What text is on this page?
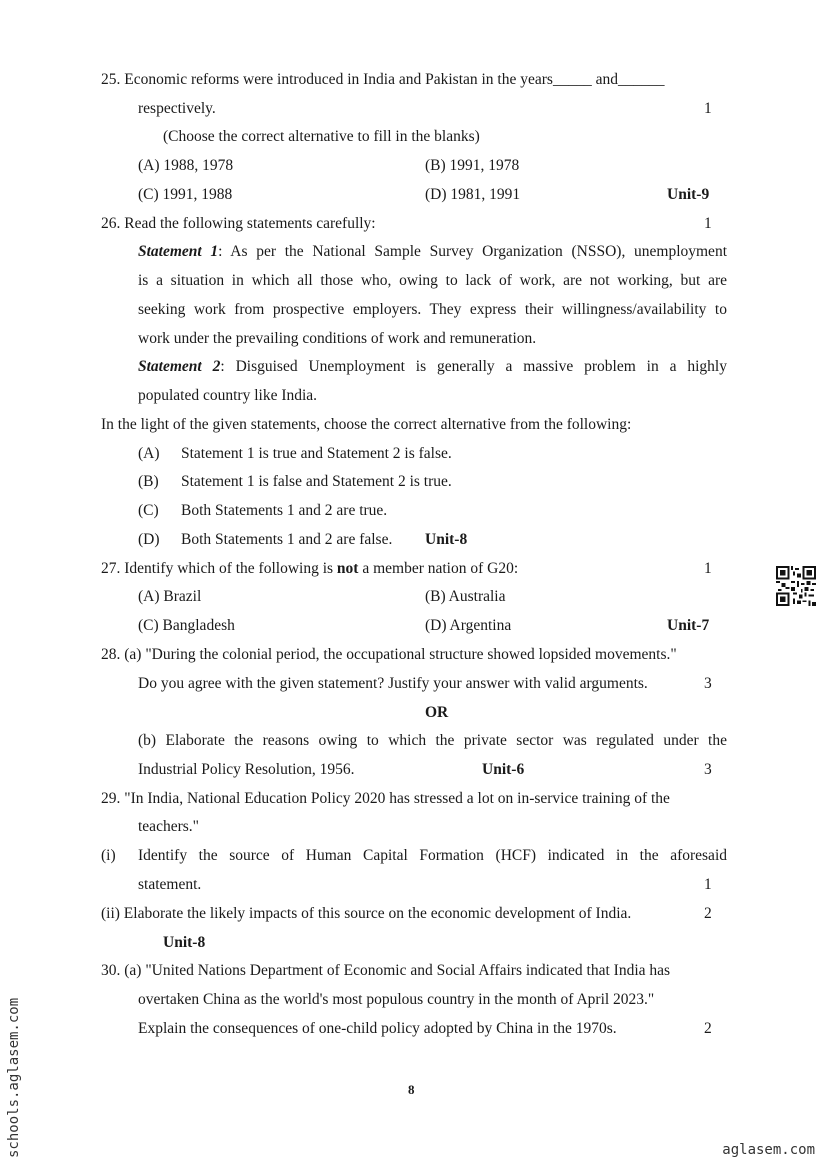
25. Economic reforms were introduced in India and Pakistan in the years_____ and______
respectively.	1
(Choose the correct alternative to fill in the blanks)
(A) 1988, 1978	(B) 1991, 1978
(C) 1991, 1988	(D) 1981, 1991	Unit-9
26. Read the following statements carefully:	1
Statement 1: As per the National Sample Survey Organization (NSSO), unemployment
is a situation in which all those who, owing to lack of work, are not working, but are
seeking work from prospective employers. They express their willingness/availability to
work under the prevailing conditions of work and remuneration.
Statement 2: Disguised Unemployment is generally a massive problem in a highly
populated country like India.
In the light of the given statements, choose the correct alternative from the following:
(A) Statement 1 is true and Statement 2 is false.
(B) Statement 1 is false and Statement 2 is true.
(C) Both Statements 1 and 2 are true.
(D) Both Statements 1 and 2 are false. Unit-8
27. Identify which of the following is not a member nation of G20:	1
(A) Brazil	(B) Australia
(C) Bangladesh	(D) Argentina	Unit-7
28. (a) "During the colonial period, the occupational structure showed lopsided movements."
Do you agree with the given statement? Justify your answer with valid arguments.	3
OR
(b) Elaborate the reasons owing to which the private sector was regulated under the
Industrial Policy Resolution, 1956.	Unit-6	3
29. "In India, National Education Policy 2020 has stressed a lot on in-service training of the
teachers."
(i) Identify the source of Human Capital Formation (HCF) indicated in the aforesaid
statement.	1
(ii) Elaborate the likely impacts of this source on the economic development of India.	2
Unit-8
30. (a) "United Nations Department of Economic and Social Affairs indicated that India has
overtaken China as the world's most populous country in the month of April 2023."
Explain the consequences of one-child policy adopted by China in the 1970s.	2
8
schools.aglasem.com	aglasem.com
